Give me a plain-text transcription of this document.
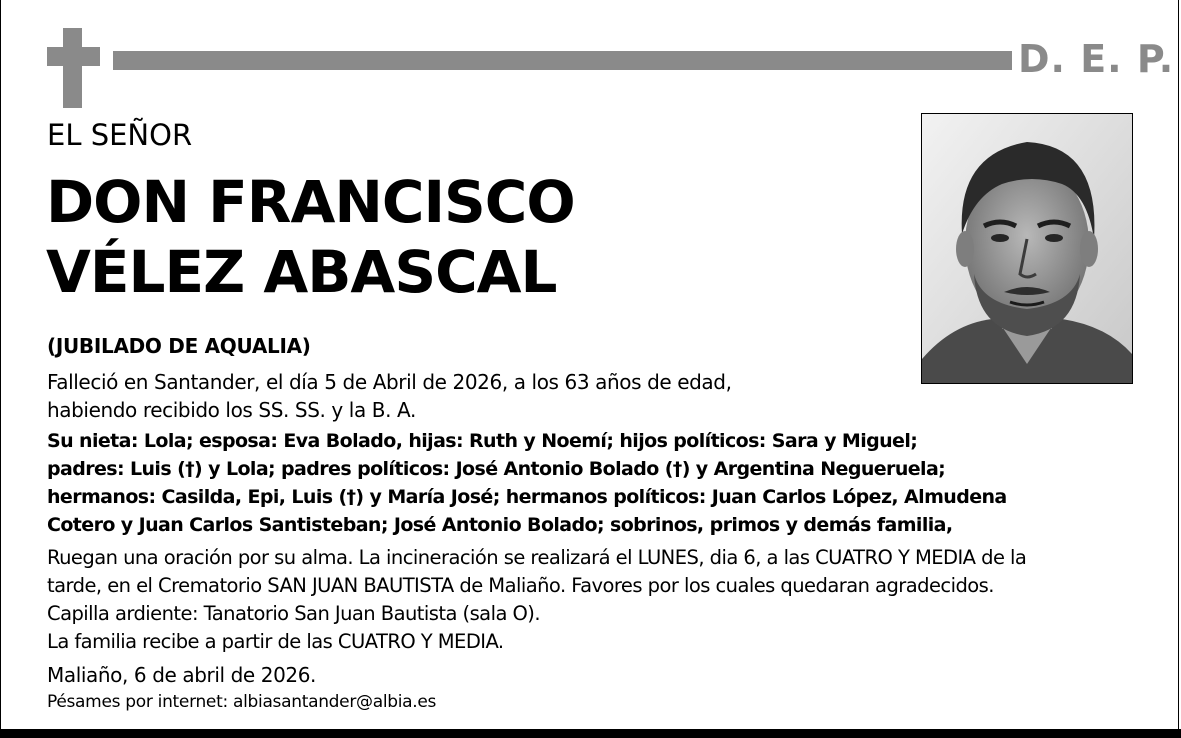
D. E. P.
EL SEÑOR
DON FRANCISCO
VÉLEZ ABASCAL
(JUBILADO DE AQUALIA)
Falleció en Santander, el día 5 de Abril de 2026, a los 63 años de edad,
habiendo recibido los SS. SS. y la B. A.
Su nieta: Lola; esposa: Eva Bolado, hijas: Ruth y Noemí; hijos políticos: Sara y Miguel;
padres: Luis (†) y Lola; padres políticos: José Antonio Bolado (†) y Argentina Negueruela;
hermanos: Casilda, Epi, Luis (†) y María José; hermanos políticos: Juan Carlos López, Almudena
Cotero y Juan Carlos Santisteban; José Antonio Bolado; sobrinos, primos y demás familia,
Ruegan una oración por su alma. La incineración se realizará el LUNES, dia 6, a las CUATRO Y MEDIA de la
tarde, en el Crematorio SAN JUAN BAUTISTA de Maliaño. Favores por los cuales quedaran agradecidos.
Capilla ardiente: Tanatorio San Juan Bautista (sala O).
La familia recibe a partir de las CUATRO Y MEDIA.
Maliaño, 6 de abril de 2026.
Pésames por internet: albiasantander@albia.es
